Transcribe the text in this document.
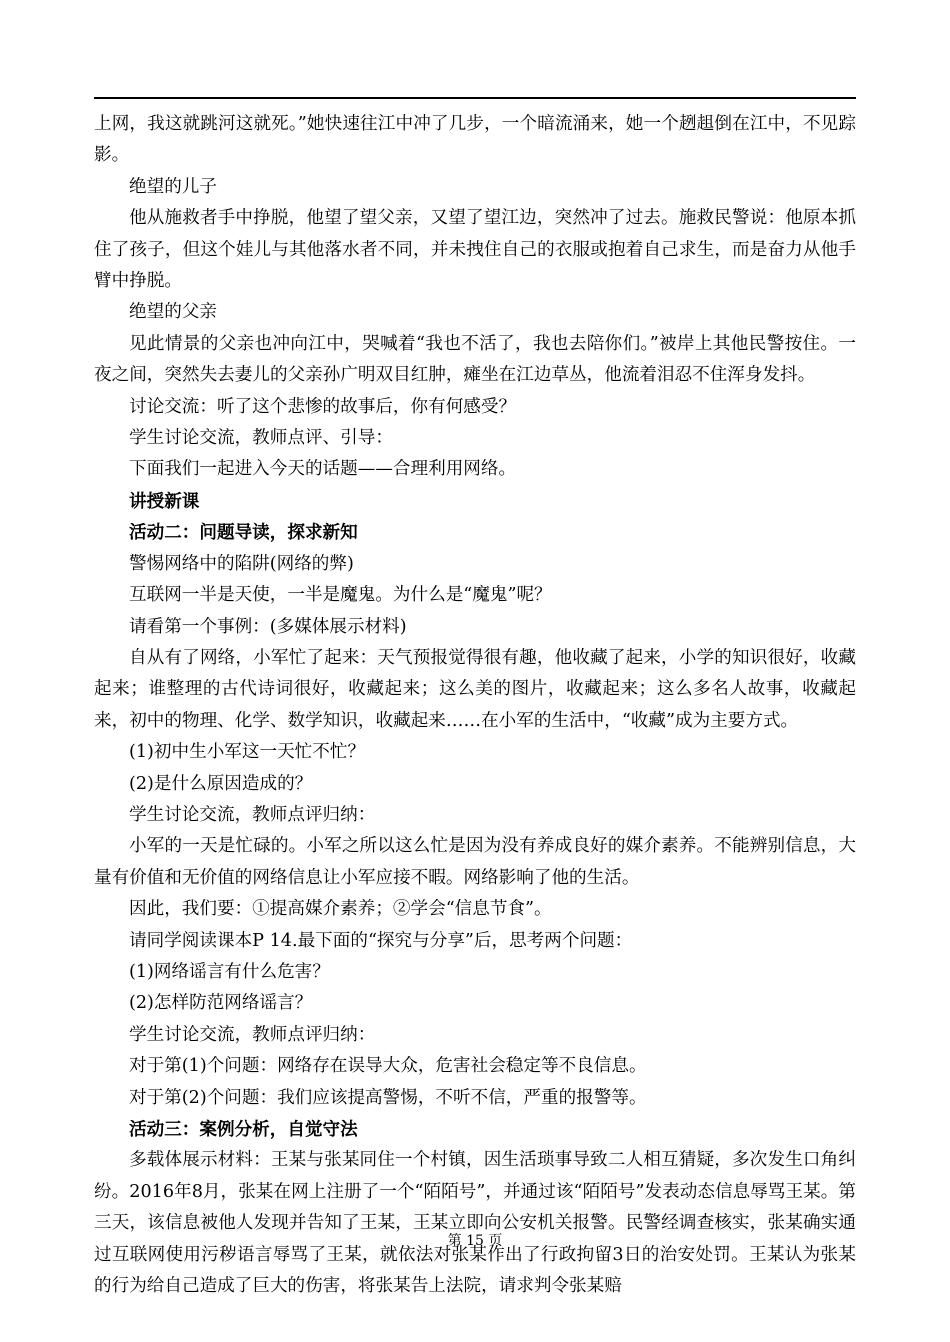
上网，我这就跳河这就死。”她快速往江中冲了几步，一个暗流涌来，她一个趔趄倒在江中，不见踪影。

绝望的儿子

他从施救者手中挣脱，他望了望父亲，又望了望江边，突然冲了过去。施救民警说：他原本抓住了孩子，但这个娃儿与其他落水者不同，并未拽住自己的衣服或抱着自己求生，而是奋力从他手臂中挣脱。

绝望的父亲

见此情景的父亲也冲向江中，哭喊着“我也不活了，我也去陪你们。”被岸上其他民警按住。一夜之间，突然失去妻儿的父亲孙广明双目红肿，瘫坐在江边草丛，他流着泪忍不住浑身发抖。

讨论交流：听了这个悲惨的故事后，你有何感受？

学生讨论交流，教师点评、引导：

下面我们一起进入今天的话题——合理利用网络。

讲授新课

活动二：问题导读，探求新知

警惕网络中的陷阱(网络的弊)

互联网一半是天使，一半是魔鬼。为什么是“魔鬼”呢？

请看第一个事例：(多媒体展示材料)

自从有了网络，小军忙了起来：天气预报觉得很有趣，他收藏了起来，小学的知识很好，收藏起来；谁整理的古代诗词很好，收藏起来；这么美的图片，收藏起来；这么多名人故事，收藏起来，初中的物理、化学、数学知识，收藏起来……在小军的生活中，“收藏”成为主要方式。

(1)初中生小军这一天忙不忙？

(2)是什么原因造成的？

学生讨论交流，教师点评归纳：

小军的一天是忙碌的。小军之所以这么忙是因为没有养成良好的媒介素养。不能辨别信息，大量有价值和无价值的网络信息让小军应接不暇。网络影响了他的生活。

因此，我们要：①提高媒介素养；②学会“信息节食”。

请同学阅读课本P 14.最下面的“探究与分享”后，思考两个问题：

(1)网络谣言有什么危害？

(2)怎样防范网络谣言？

学生讨论交流，教师点评归纳：

对于第(1)个问题：网络存在误导大众，危害社会稳定等不良信息。

对于第(2)个问题：我们应该提高警惕，不听不信，严重的报警等。

活动三：案例分析，自觉守法

多载体展示材料：王某与张某同住一个村镇，因生活琐事导致二人相互猜疑，多次发生口角纠纷。2016年8月，张某在网上注册了一个“陌陌号”，并通过该“陌陌号”发表动态信息辱骂王某。第三天，该信息被他人发现并告知了王某，王某立即向公安机关报警。民警经调查核实，张某确实通过互联网使用污秽语言辱骂了王某，就依法对张某作出了行政拘留3日的治安处罚。王某认为张某的行为给自己造成了巨大的伤害，将张某告上法院，请求判令张某赔

第 15 页
